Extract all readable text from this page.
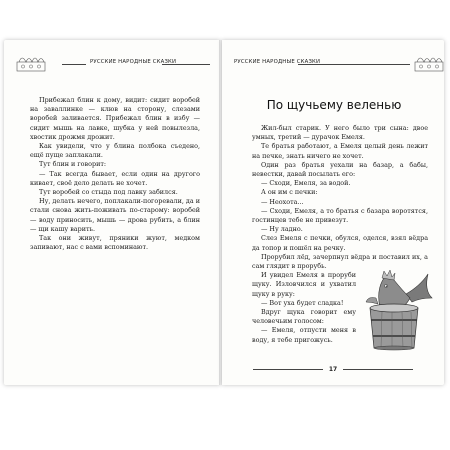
РУССКИЕ НАРОДНЫЕ СКАЗКИ

Прибежал блин к дому, видит: сидит воробей на заваллинке — клюв на сторону, слезами воробей заливается. Прибежал блин в избу — сидит мышь на лавке, шубка у ней повылезла, хвостик дрожмя дрожит.

Как увидели, что у блина полбока съедено, ещё пуще заплакали.

Тут блин и говорит:

— Так всегда бывает, если один на другого кивает, своё дело делать не хочет.

Тут воробей со стыда под лавку забился.

Ну, делать нечего, поплакали-погоревали, да и стали снова жить-поживать по-старому: воробей — воду приносить, мышь — дрова рубить, а блин — щи кашу варить.

Так они живут, пряники жуют, медком запивают, нас с вами вспоминают.

РУССКИЕ НАРОДНЫЕ СКАЗКИ
По щучьему веленью

Жил-был старик. У него было три сына: двое умных, третий — дурачок Емеля.

Те братья работают, а Емеля целый день лежит на печке, знать ничего не хочет.

Один раз братья уехали на базар, а бабы, невестки, давай посылать его:

— Сходи, Емеля, за водой.

А он им с печки:

— Неохота...

— Сходи, Емеля, а то братья с базара воротятся, гостинцев тебе не привезут.

— Ну ладно.

Слез Емеля с печки, обулся, оделся, взял вёдра да топор и пошёл на речку.

Прорубил лёд, зачерпнул вёдра и поставил их, а сам глядит в прорубь.

И увидел Емеля в проруби щуку. Изловчился и ухватил щуку в руку:

— Вот уха будет сладка!

Вдруг щука говорит ему человечьим голосом:

— Емеля, отпусти меня в воду, я тебе пригожусь.

17
